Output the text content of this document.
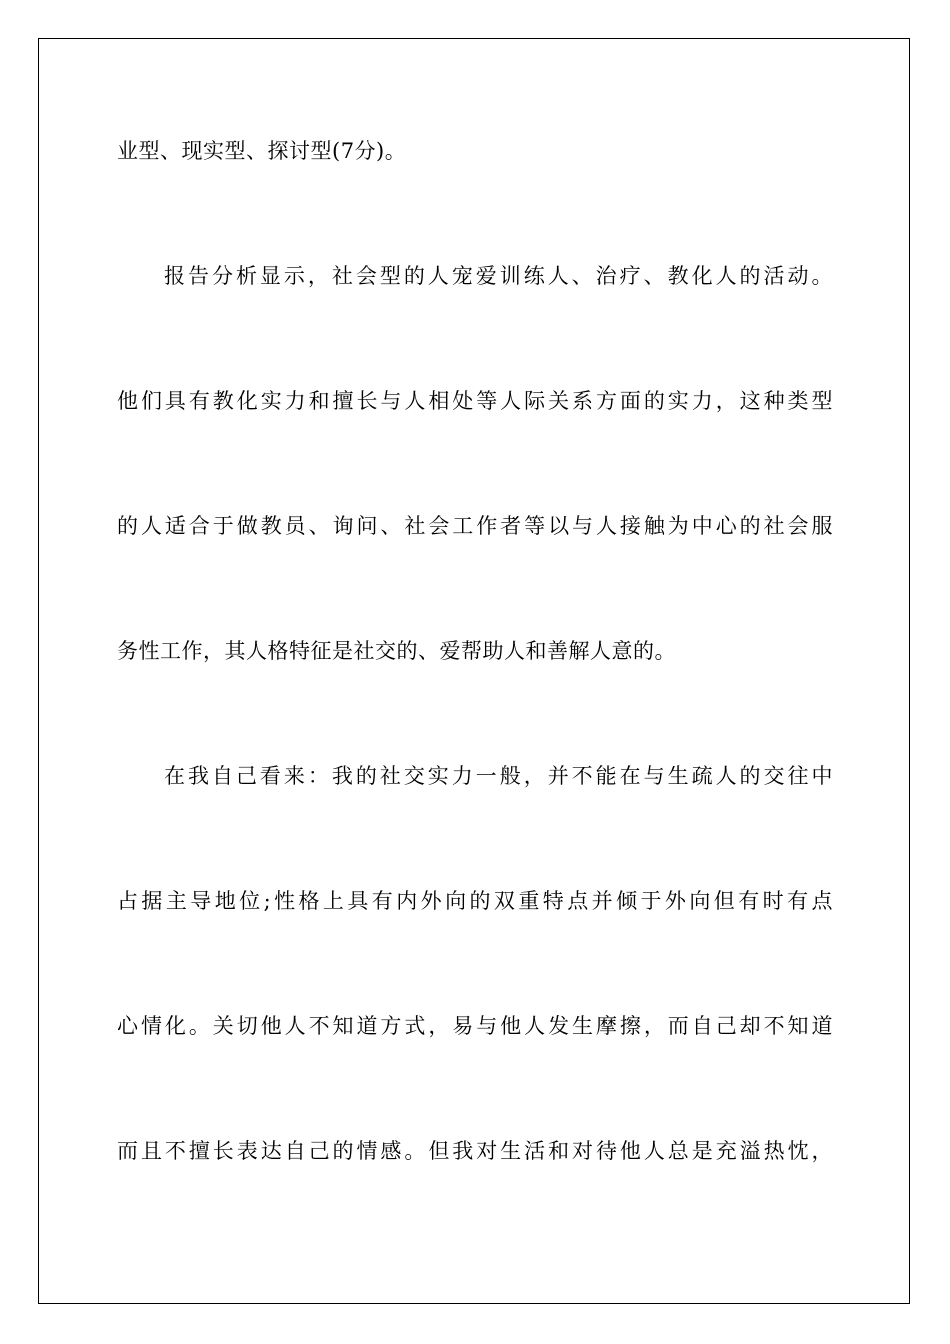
业型、现实型、探讨型(7分)。

报告分析显示，社会型的人宠爱训练人、治疗、教化人的活动。

他们具有教化实力和擅长与人相处等人际关系方面的实力，这种类型

的人适合于做教员、询问、社会工作者等以与人接触为中心的社会服

务性工作，其人格特征是社交的、爱帮助人和善解人意的。

在我自己看来：我的社交实力一般，并不能在与生疏人的交往中

占据主导地位;性格上具有内外向的双重特点并倾于外向但有时有点

心情化。关切他人不知道方式，易与他人发生摩擦，而自己却不知道

而且不擅长表达自己的情感。但我对生活和对待他人总是充溢热忱，
